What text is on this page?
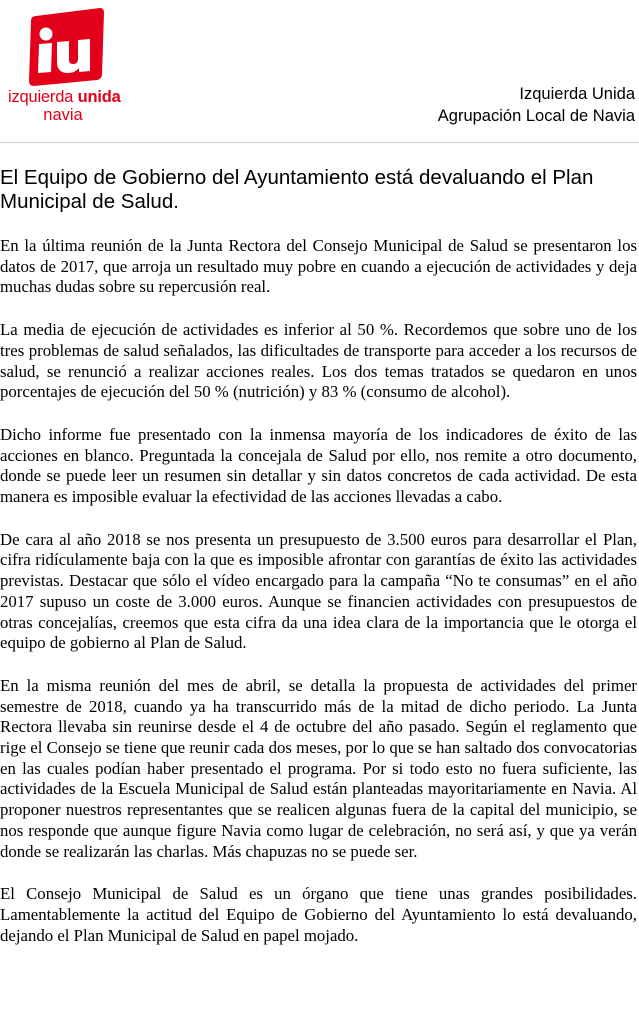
iu
izquierda unida
navia
Izquierda Unida
Agrupación Local de Navia
El Equipo de Gobierno del Ayuntamiento está devaluando el Plan Municipal de Salud.

En la última reunión de la Junta Rectora del Consejo Municipal de Salud se presentaron los datos de 2017, que arroja un resultado muy pobre en cuando a ejecución de actividades y deja muchas dudas sobre su repercusión real.

La media de ejecución de actividades es inferior al 50 %. Recordemos que sobre uno de los tres problemas de salud señalados, las dificultades de transporte para acceder a los recursos de salud, se renunció a realizar acciones reales. Los dos temas tratados se quedaron en unos porcentajes de ejecución del 50 % (nutrición) y 83 % (consumo de alcohol).

Dicho informe fue presentado con la inmensa mayoría de los indicadores de éxito de las acciones en blanco. Preguntada la concejala de Salud por ello, nos remite a otro documento, donde se puede leer un resumen sin detallar y sin datos concretos de cada actividad. De esta manera es imposible evaluar la efectividad de las acciones llevadas a cabo.

De cara al año 2018 se nos presenta un presupuesto de 3.500 euros para desarrollar el Plan, cifra ridículamente baja con la que es imposible afrontar con garantías de éxito las actividades previstas. Destacar que sólo el vídeo encargado para la campaña “No te consumas” en el año 2017 supuso un coste de 3.000 euros. Aunque se financien actividades con presupuestos de otras concejalías, creemos que esta cifra da una idea clara de la importancia que le otorga el equipo de gobierno al Plan de Salud.

En la misma reunión del mes de abril, se detalla la propuesta de actividades del primer semestre de 2018, cuando ya ha transcurrido más de la mitad de dicho periodo. La Junta Rectora llevaba sin reunirse desde el 4 de octubre del año pasado. Según el reglamento que rige el Consejo se tiene que reunir cada dos meses, por lo que se han saltado dos convocatorias en las cuales podían haber presentado el programa. Por si todo esto no fuera suficiente, las actividades de la Escuela Municipal de Salud están planteadas mayoritariamente en Navia. Al proponer nuestros representantes que se realicen algunas fuera de la capital del municipio, se nos responde que aunque figure Navia como lugar de celebración, no será así, y que ya verán donde se realizarán las charlas. Más chapuzas no se puede ser.

El Consejo Municipal de Salud es un órgano que tiene unas grandes posibilidades. Lamentablemente la actitud del Equipo de Gobierno del Ayuntamiento lo está devaluando, dejando el Plan Municipal de Salud en papel mojado.
